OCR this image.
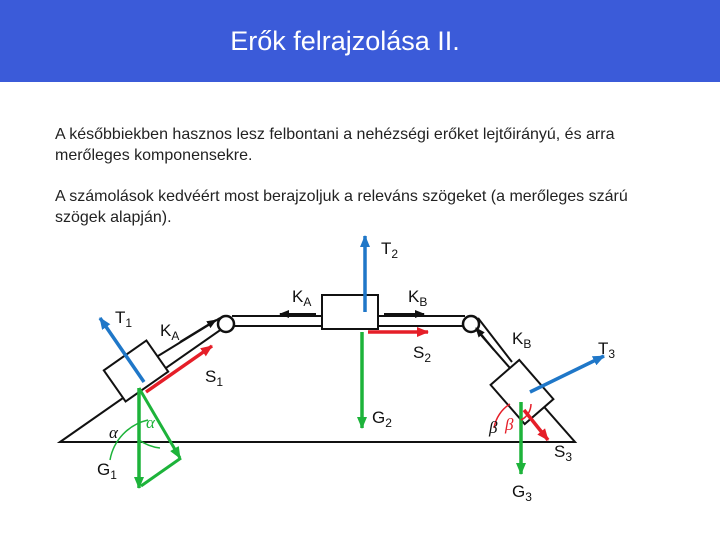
Erők felrajzolása II.
A későbbiekben hasznos lesz felbontani a nehézségi erőket lejtőirányú, és arra merőleges komponensekre.
A számolások kedvéért most berajzoljuk a releváns szögeket (a merőleges szárú szögek alapján).
$T_1$
$T_2$
$T_3$
$K_A$	$K_B$
$K_A$	$K_B$
$S_1$
$S_2$
$S_3$
$G_1$
$G_2$
$G_3$
α
α	β β
